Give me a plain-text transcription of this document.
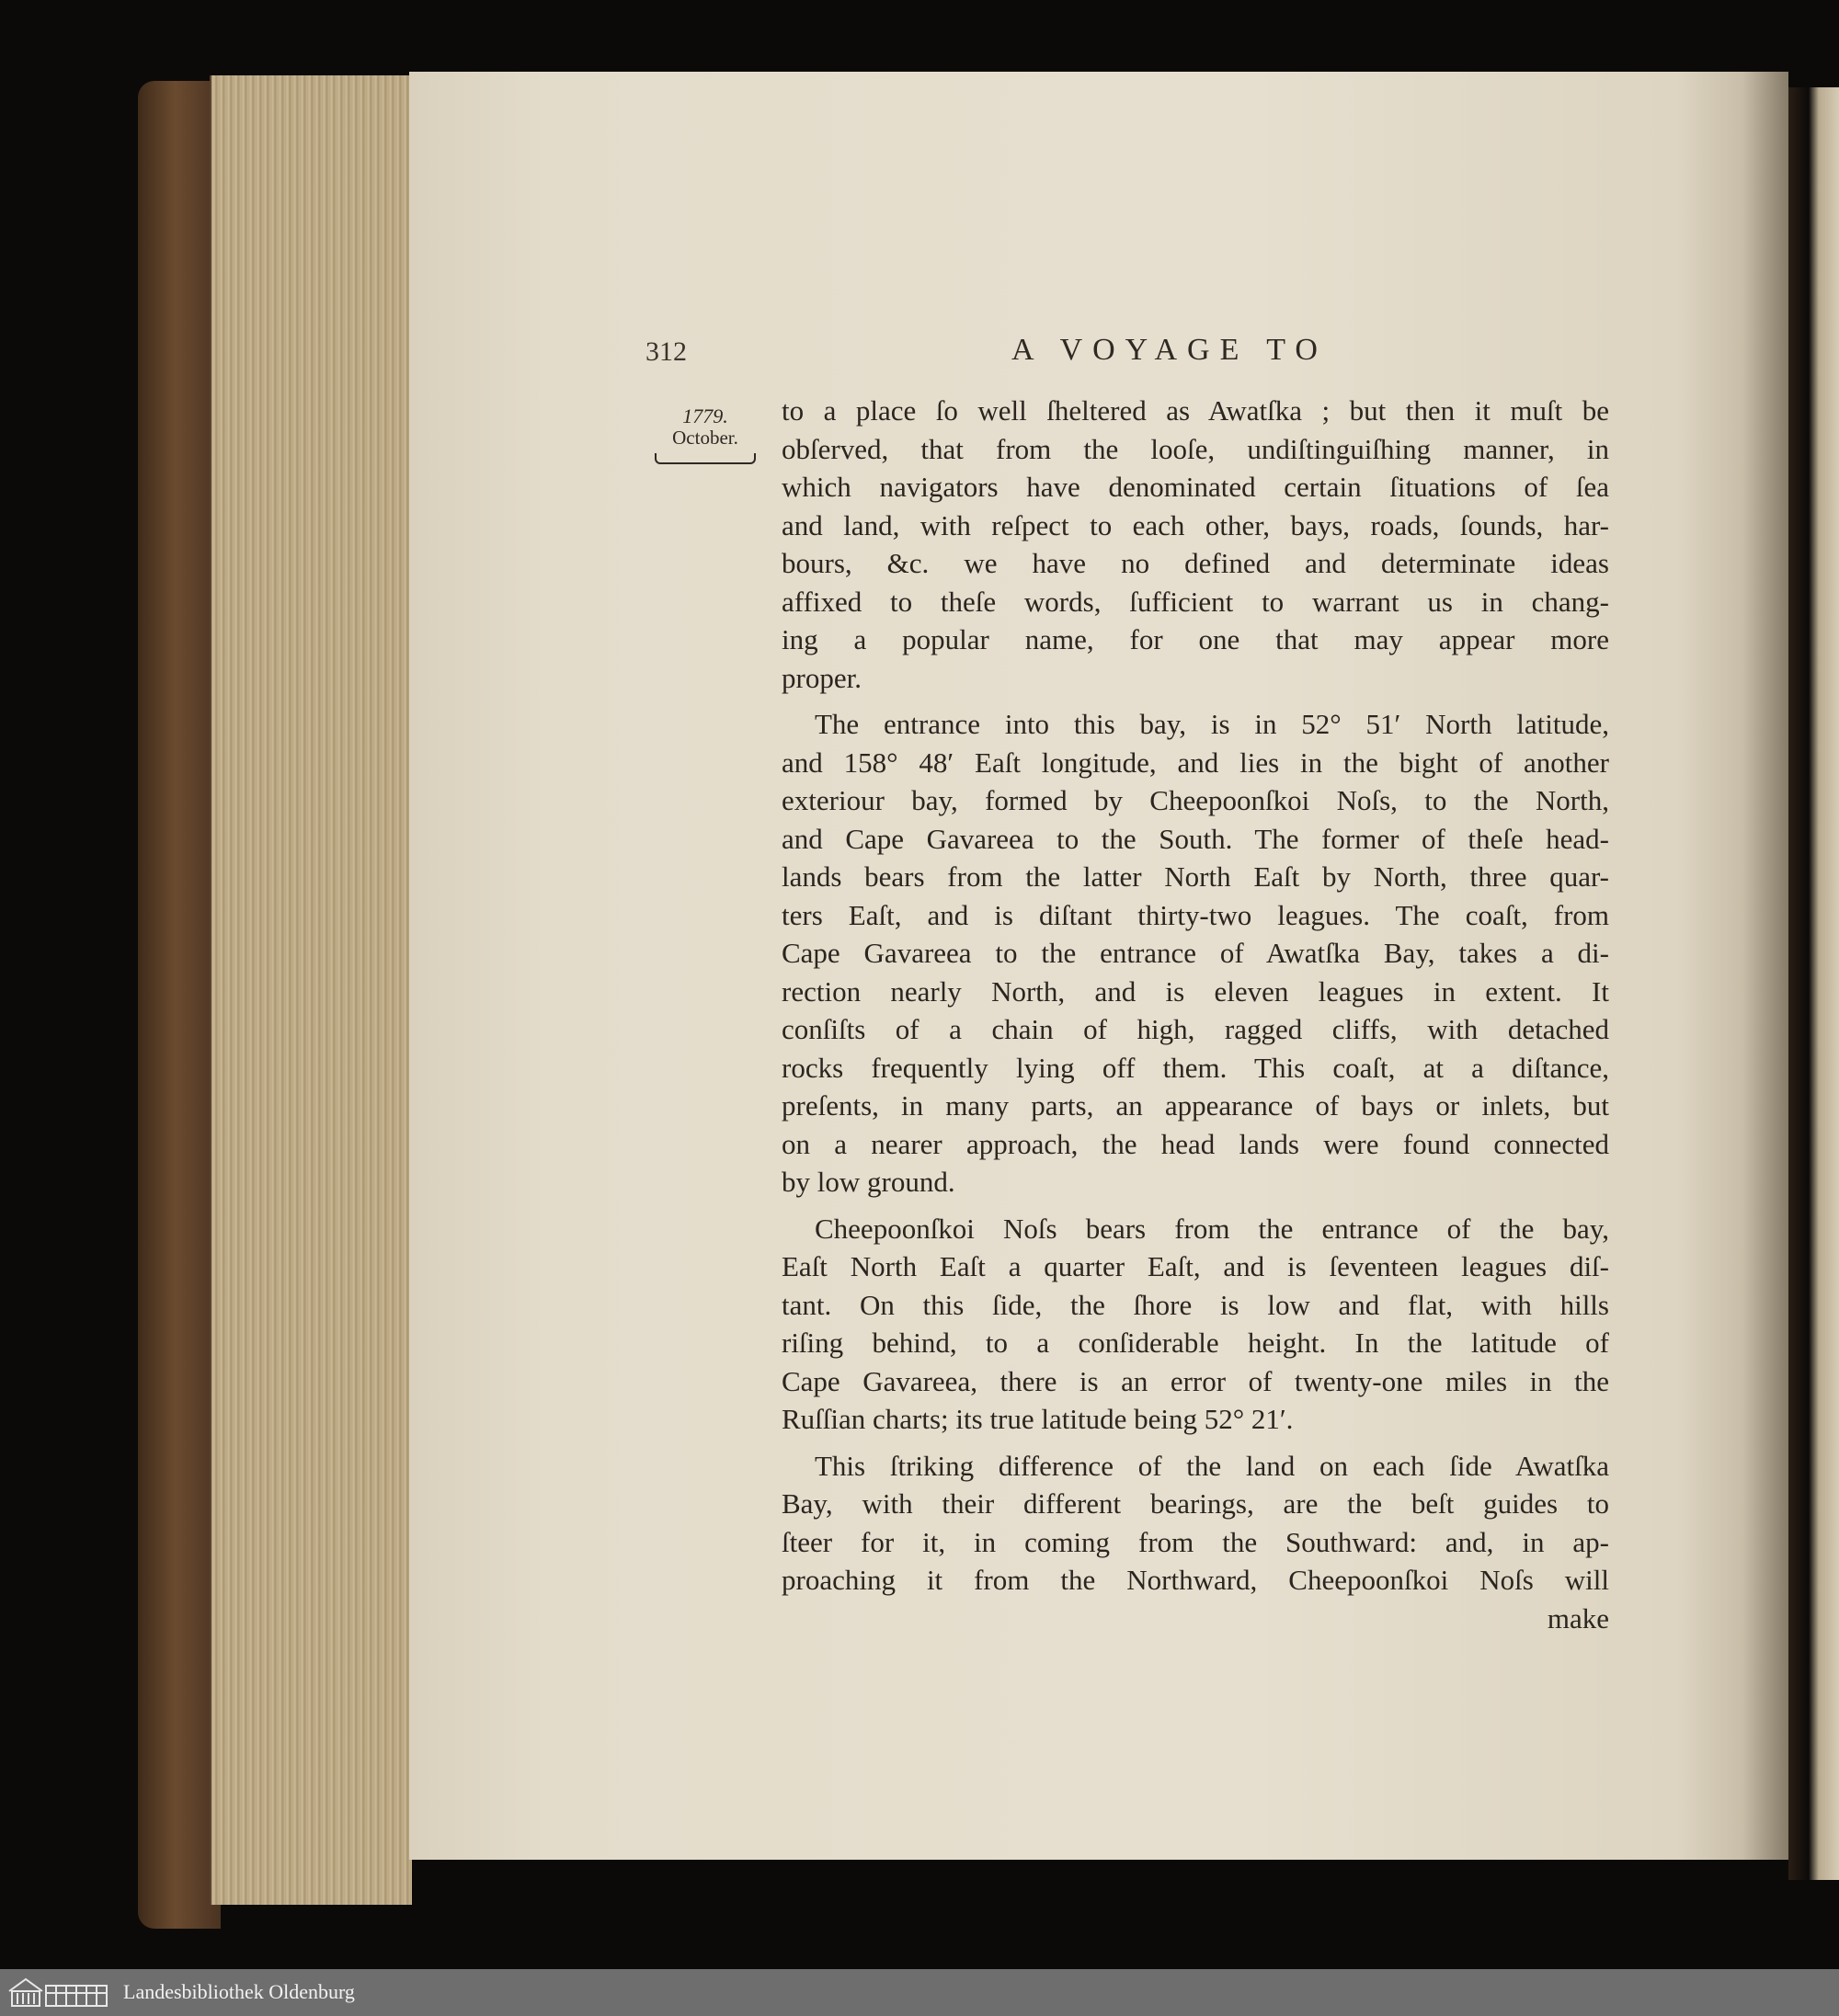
312	A VOYAGE TO
1779.
October.
to a place ſo well ſheltered as Awatſka ; but then it muſt be
obſerved, that from the looſe, undiſtinguiſhing manner, in
which navigators have denominated certain ſituations of ſea
and land, with reſpect to each other, bays, roads, ſounds, har-
bours, &c. we have no defined and determinate ideas
affixed to theſe words, ſufficient to warrant us in chang-
ing a popular name, for one that may appear more
proper.
The entrance into this bay, is in 52° 51′ North latitude,
and 158° 48′ Eaſt longitude, and lies in the bight of another
exteriour bay, formed by Cheepoonſkoi Noſs, to the North,
and Cape Gavareea to the South. The former of theſe head-
lands bears from the latter North Eaſt by North, three quar-
ters Eaſt, and is diſtant thirty-two leagues. The coaſt, from
Cape Gavareea to the entrance of Awatſka Bay, takes a di-
rection nearly North, and is eleven leagues in extent. It
conſiſts of a chain of high, ragged cliffs, with detached
rocks frequently lying off them. This coaſt, at a diſtance,
preſents, in many parts, an appearance of bays or inlets, but
on a nearer approach, the head lands were found connected
by low ground.
Cheepoonſkoi Noſs bears from the entrance of the bay,
Eaſt North Eaſt a quarter Eaſt, and is ſeventeen leagues diſ-
tant. On this ſide, the ſhore is low and flat, with hills
riſing behind, to a conſiderable height. In the latitude of
Cape Gavareea, there is an error of twenty-one miles in the
Ruſſian charts; its true latitude being 52° 21′.
This ſtriking difference of the land on each ſide Awatſka
Bay, with their different bearings, are the beſt guides to
ſteer for it, in coming from the Southward: and, in ap-
proaching it from the Northward, Cheepoonſkoi Noſs will
make
Landesbibliothek Oldenburg
